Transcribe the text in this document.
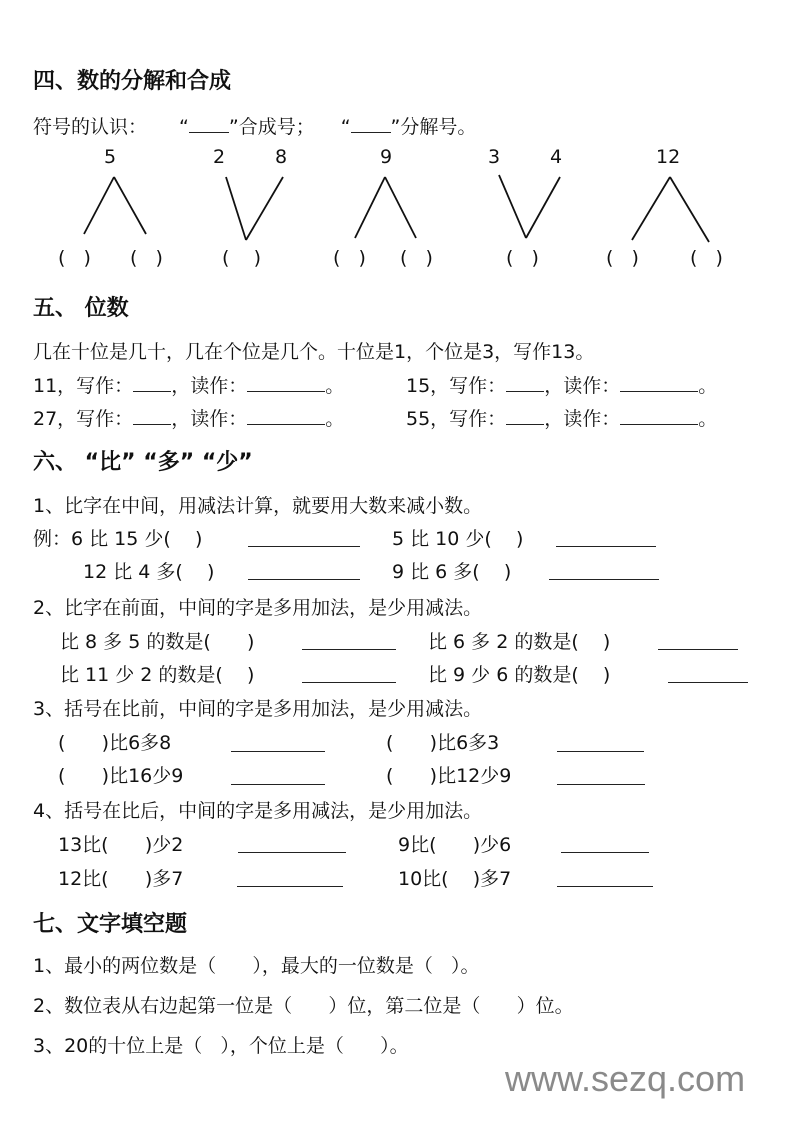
四、数的分解和合成
符号的认识： “ ”合成号； “ ”分解号。
5	2	8	9	3	4	12
(   ) (   )	(    )	(   ) (   )	(   )	(   )	(   )
五、 位数
几在十位是几十，几在个位是几个。十位是1，个位是3，写作13。
11，写作： ，读作：	。	15，写作： ，读作：	。
27，写作： ，读作：	。	55，写作： ，读作：	。
六、 “比” “多” “少”
1、比字在中间，用减法计算，就要用大数来减小数。
例：6 比 15 少(    )	5 比 10 少(    )
12 比 4 多(    )	9 比 6 多(    )
2、比字在前面，中间的字是多用加法，是少用减法。
比 8 多 5 的数是(      )	比 6 多 2 的数是(    )
比 11 少 2 的数是(    )	比 9 少 6 的数是(    )
3、括号在比前，中间的字是多用加法，是少用减法。
(      )比6多8	(      )比6多3
(      )比16少9	(      )比12少9
4、括号在比后，中间的字是多用减法，是少用加法。
13比(      )少2	9比(      )少6
12比(      )多7	10比(    )多7
七、文字填空题
1、最小的两位数是（      ），最大的一位数是（   ）。
2、数位表从右边起第一位是（      ）位，第二位是（      ）位。
3、20的十位上是（   ），个位上是（      ）。
www.sezq.com
